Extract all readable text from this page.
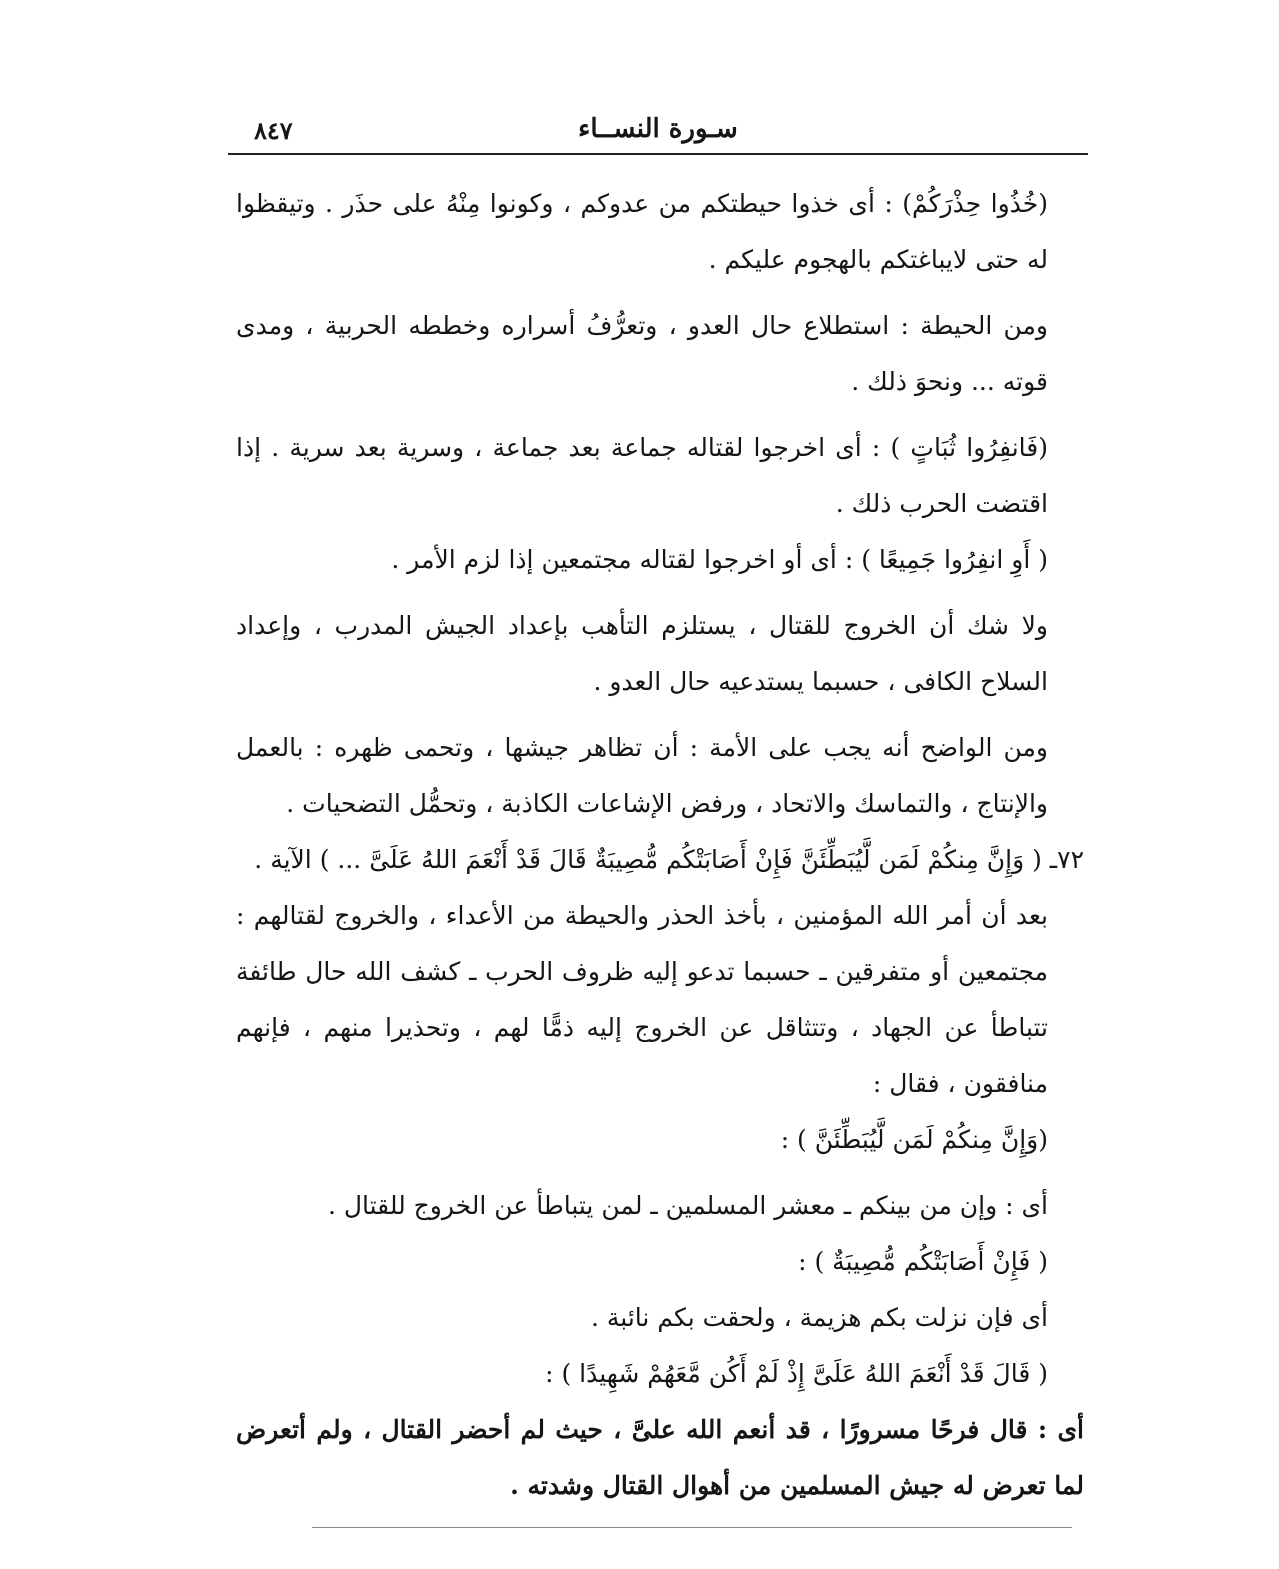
سـورة النســاء
٨٤٧

(خُذُوا حِذْرَكُمْ) : أى خذوا حيطتكم من عدوكم ، وكونوا مِنْهُ على حذَر . وتيقظوا له حتى لايباغتكم بالهجوم عليكم .

ومن الحيطة : استطلاع حال العدو ، وتعرُّفُ أسراره وخططه الحربية ، ومدى قوته ... ونحوَ ذلك .

(فَانفِرُوا ثُبَاتٍ ) : أى اخرجوا لقتاله جماعة بعد جماعة ، وسرية بعد سرية . إذا اقتضت الحرب ذلك .

( أَوِ انفِرُوا جَمِيعًا ) : أى أو اخرجوا لقتاله مجتمعين إذا لزم الأمر .

ولا شك أن الخروج للقتال ، يستلزم التأهب بإعداد الجيش المدرب ، وإعداد السلاح الكافى ، حسبما يستدعيه حال العدو .

ومن الواضح أنه يجب على الأمة : أن تظاهر جيشها ، وتحمى ظهره : بالعمل والإنتاج ، والتماسك والاتحاد ، ورفض الإشاعات الكاذبة ، وتحمُّل التضحيات .

٧٢ـ ( وَإِنَّ مِنكُمْ لَمَن لَّيُبَطِّئَنَّ فَإِنْ أَصَابَتْكُم مُّصِيبَةٌ قَالَ قَدْ أَنْعَمَ اللهُ عَلَىَّ ... ) الآية .

بعد أن أمر الله المؤمنين ، بأخذ الحذر والحيطة من الأعداء ، والخروج لقتالهم : مجتمعين أو متفرقين ـ حسبما تدعو إليه ظروف الحرب ـ كشف الله حال طائفة تتباطأ عن الجهاد ، وتتثاقل عن الخروج إليه ذمًّا لهم ، وتحذيرا منهم ، فإنهم منافقون ، فقال :

(وَإِنَّ مِنكُمْ لَمَن لَّيُبَطِّئَنَّ ) :

أى : وإن من بينكم ـ معشر المسلمين ـ لمن يتباطأ عن الخروج للقتال .

( فَإِنْ أَصَابَتْكُم مُّصِيبَةٌ ) :

أى فإن نزلت بكم هزيمة ، ولحقت بكم نائبة .

( قَالَ قَدْ أَنْعَمَ اللهُ عَلَىَّ إِذْ لَمْ أَكُن مَّعَهُمْ شَهِيدًا ) :

أى : قال فرحًا مسرورًا ، قد أنعم الله علىَّ ، حيث لم أحضر القتال ، ولم أتعرض لما تعرض له جيش المسلمين من أهوال القتال وشدته .
